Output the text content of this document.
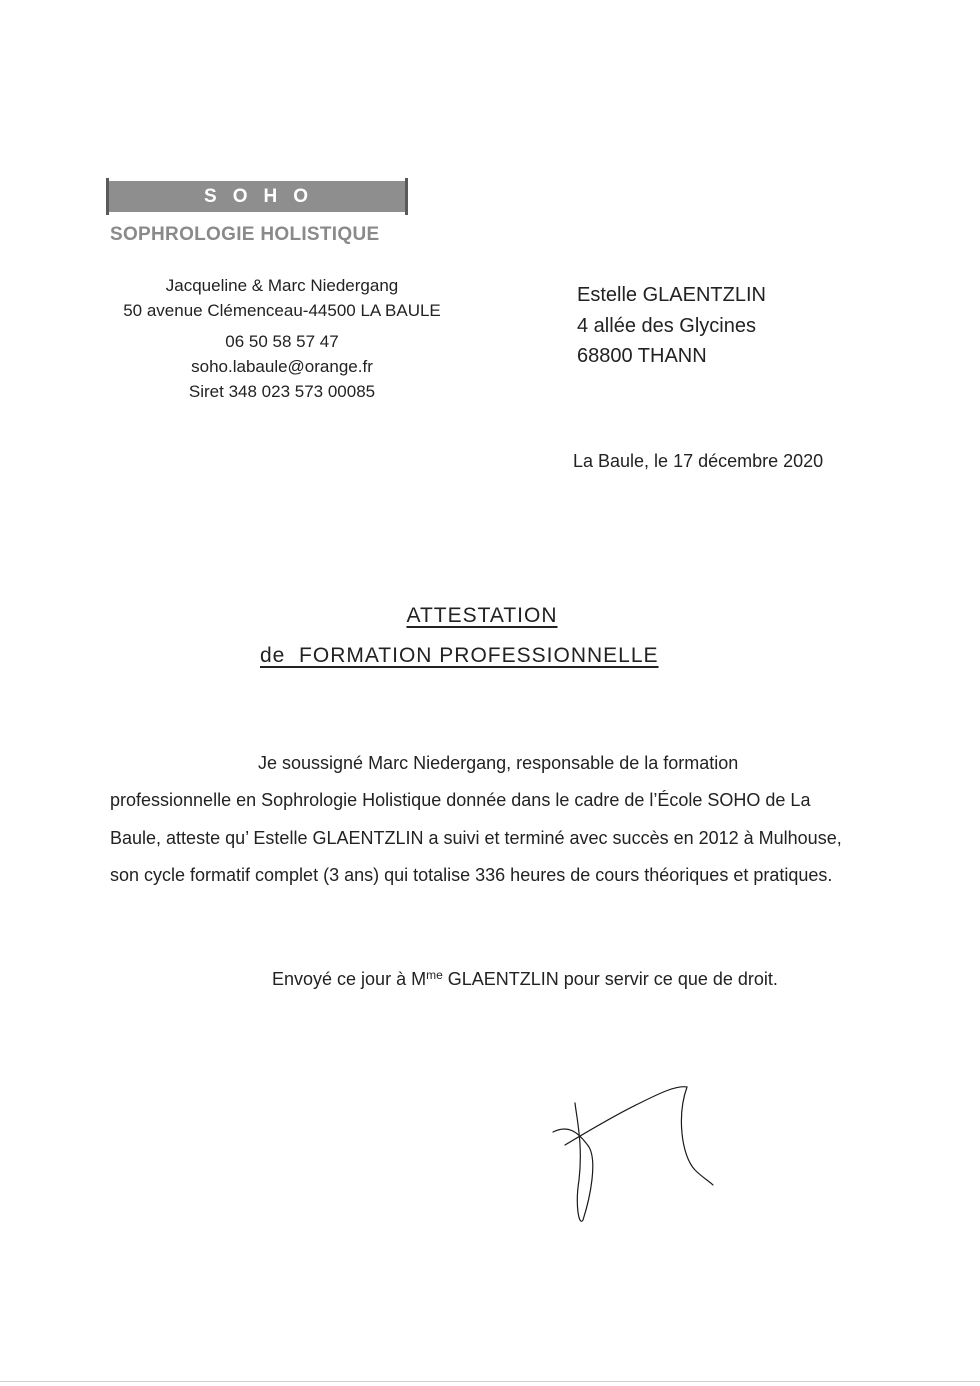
SOHO
SOPHROLOGIE HOLISTIQUE
Jacqueline & Marc Niedergang
50 avenue Clémenceau-44500 LA BAULE
06 50 58 57 47
soho.labaule@orange.fr
Siret 348 023 573 00085
Estelle GLAENTZLIN
4 allée des Glycines
68800 THANN
La Baule, le 17 décembre 2020
ATTESTATION
de  FORMATION PROFESSIONNELLE
Je soussigné Marc Niedergang, responsable de la formation professionnelle en Sophrologie Holistique donnée dans le cadre de l’École SOHO de La Baule, atteste qu’ Estelle GLAENTZLIN a suivi et terminé avec succès en 2012 à Mulhouse, son cycle formatif complet (3 ans) qui totalise 336 heures de cours théoriques et pratiques.
Envoyé ce jour à $M^{me}$ GLAENTZLIN pour servir ce que de droit.
